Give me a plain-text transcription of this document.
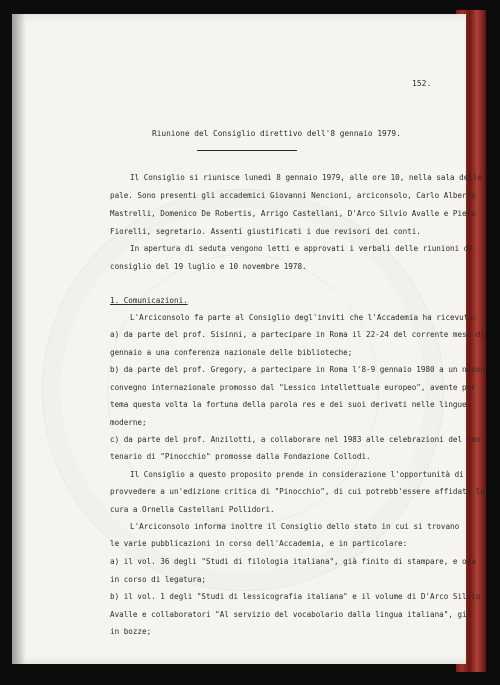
152.
Riunione del Consiglio direttivo dell'8 gennaio 1979.
Il Consiglio si riunisce lunedì 8 gennaio 1979, alle ore 10, nella sala delle
pale. Sono presenti gli accademici Giovanni Nencioni, arciconsolo, Carlo Alberto
Mastrelli, Domenico De Robertis, Arrigo Castellani, D'Arco Silvio Avalle e Piero
Fiorelli, segretario. Assenti giustificati i due revisori dei conti.
In apertura di seduta vengono letti e approvati i verbali delle riunioni di
consiglio del 19 luglio e 10 novembre 1978.
1. Comunicazioni.
L'Arciconsolo fa parte al Consiglio degl'inviti che l'Accademia ha ricevuto:
a) da parte del prof. Sisinni, a partecipare in Roma il 22-24 del corrente mese di
gennaio a una conferenza nazionale delle biblioteche;
b) da parte del prof. Gregory, a partecipare in Roma l'8-9 gennaio 1980 a un nuovo
convegno internazionale promosso dal "Lessico intellettuale europeo", avente per
tema questa volta la fortuna della parola res e dei suoi derivati nelle lingue
moderne;
c) da parte del prof. Anzilotti, a collaborare nel 1983 alle celebrazioni del cen-
tenario di "Pinocchio" promosse dalla Fondazione Collodi.
Il Consiglio a questo proposito prende in considerazione l'opportunità di
provvedere a un'edizione critica di "Pinocchio", di cui potrebb'essere affidata la
cura a Ornella Castellani Pollidori.
L'Arciconsolo informa inoltre il Consiglio dello stato in cui si trovano
le varie pubblicazioni in corso dell'Accademia, e in particolare:
a) il vol. 36 degli "Studi di filologia italiana", già finito di stampare, e ora
in corso di legatura;
b) il vol. 1 degli "Studi di lessicografia italiana" e il volume di D'Arco Silvio
Avalle e collaboratori "Al servizio del vocabolario dalla lingua italiana", già
in bozze;
